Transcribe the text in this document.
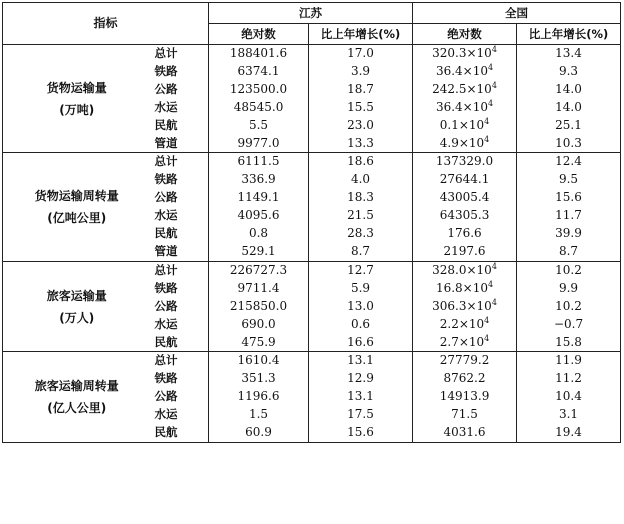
指标		江苏		全国	
		绝对数	比上年增长(%)	绝对数	比上年增长(%)

货物运输量
(万吨)	总计	188401.6	17.0	$320.3\times 10^4$	13.4
	铁路	6374.1	3.9	$36.4\times 10^4$	9.3
	公路	123500.0	18.7	$242.5\times 10^4$	14.0
	水运	48545.0	15.5	$36.4\times 10^4$	14.0
	民航	5.5	23.0	$0.1\times 10^4$	25.1
	管道	9977.0	13.3	$4.9\times 10^4$	10.3

货物运输周转量
(亿吨公里)	总计	6111.5	18.6	137329.0	12.4
	铁路	336.9	4.0	27644.1	9.5
	公路	1149.1	18.3	43005.4	15.6
	水运	4095.6	21.5	64305.3	11.7
	民航	0.8	28.3	176.6	39.9
	管道	529.1	8.7	2197.6	8.7

旅客运输量
(万人)	总计	226727.3	12.7	$328.0\times 10^4$	10.2
	铁路	9711.4	5.9	$16.8\times 10^4$	9.9
	公路	215850.0	13.0	$306.3\times 10^4$	10.2
	水运	690.0	0.6	$2.2\times 10^4$	−0.7
	民航	475.9	16.6	$2.7\times 10^4$	15.8

旅客运输周转量
(亿人公里)	总计	1610.4	13.1	27779.2	11.9
	铁路	351.3	12.9	8762.2	11.2
	公路	1196.6	13.1	14913.9	10.4
	水运	1.5	17.5	71.5	3.1
	民航	60.9	15.6	4031.6	19.4
